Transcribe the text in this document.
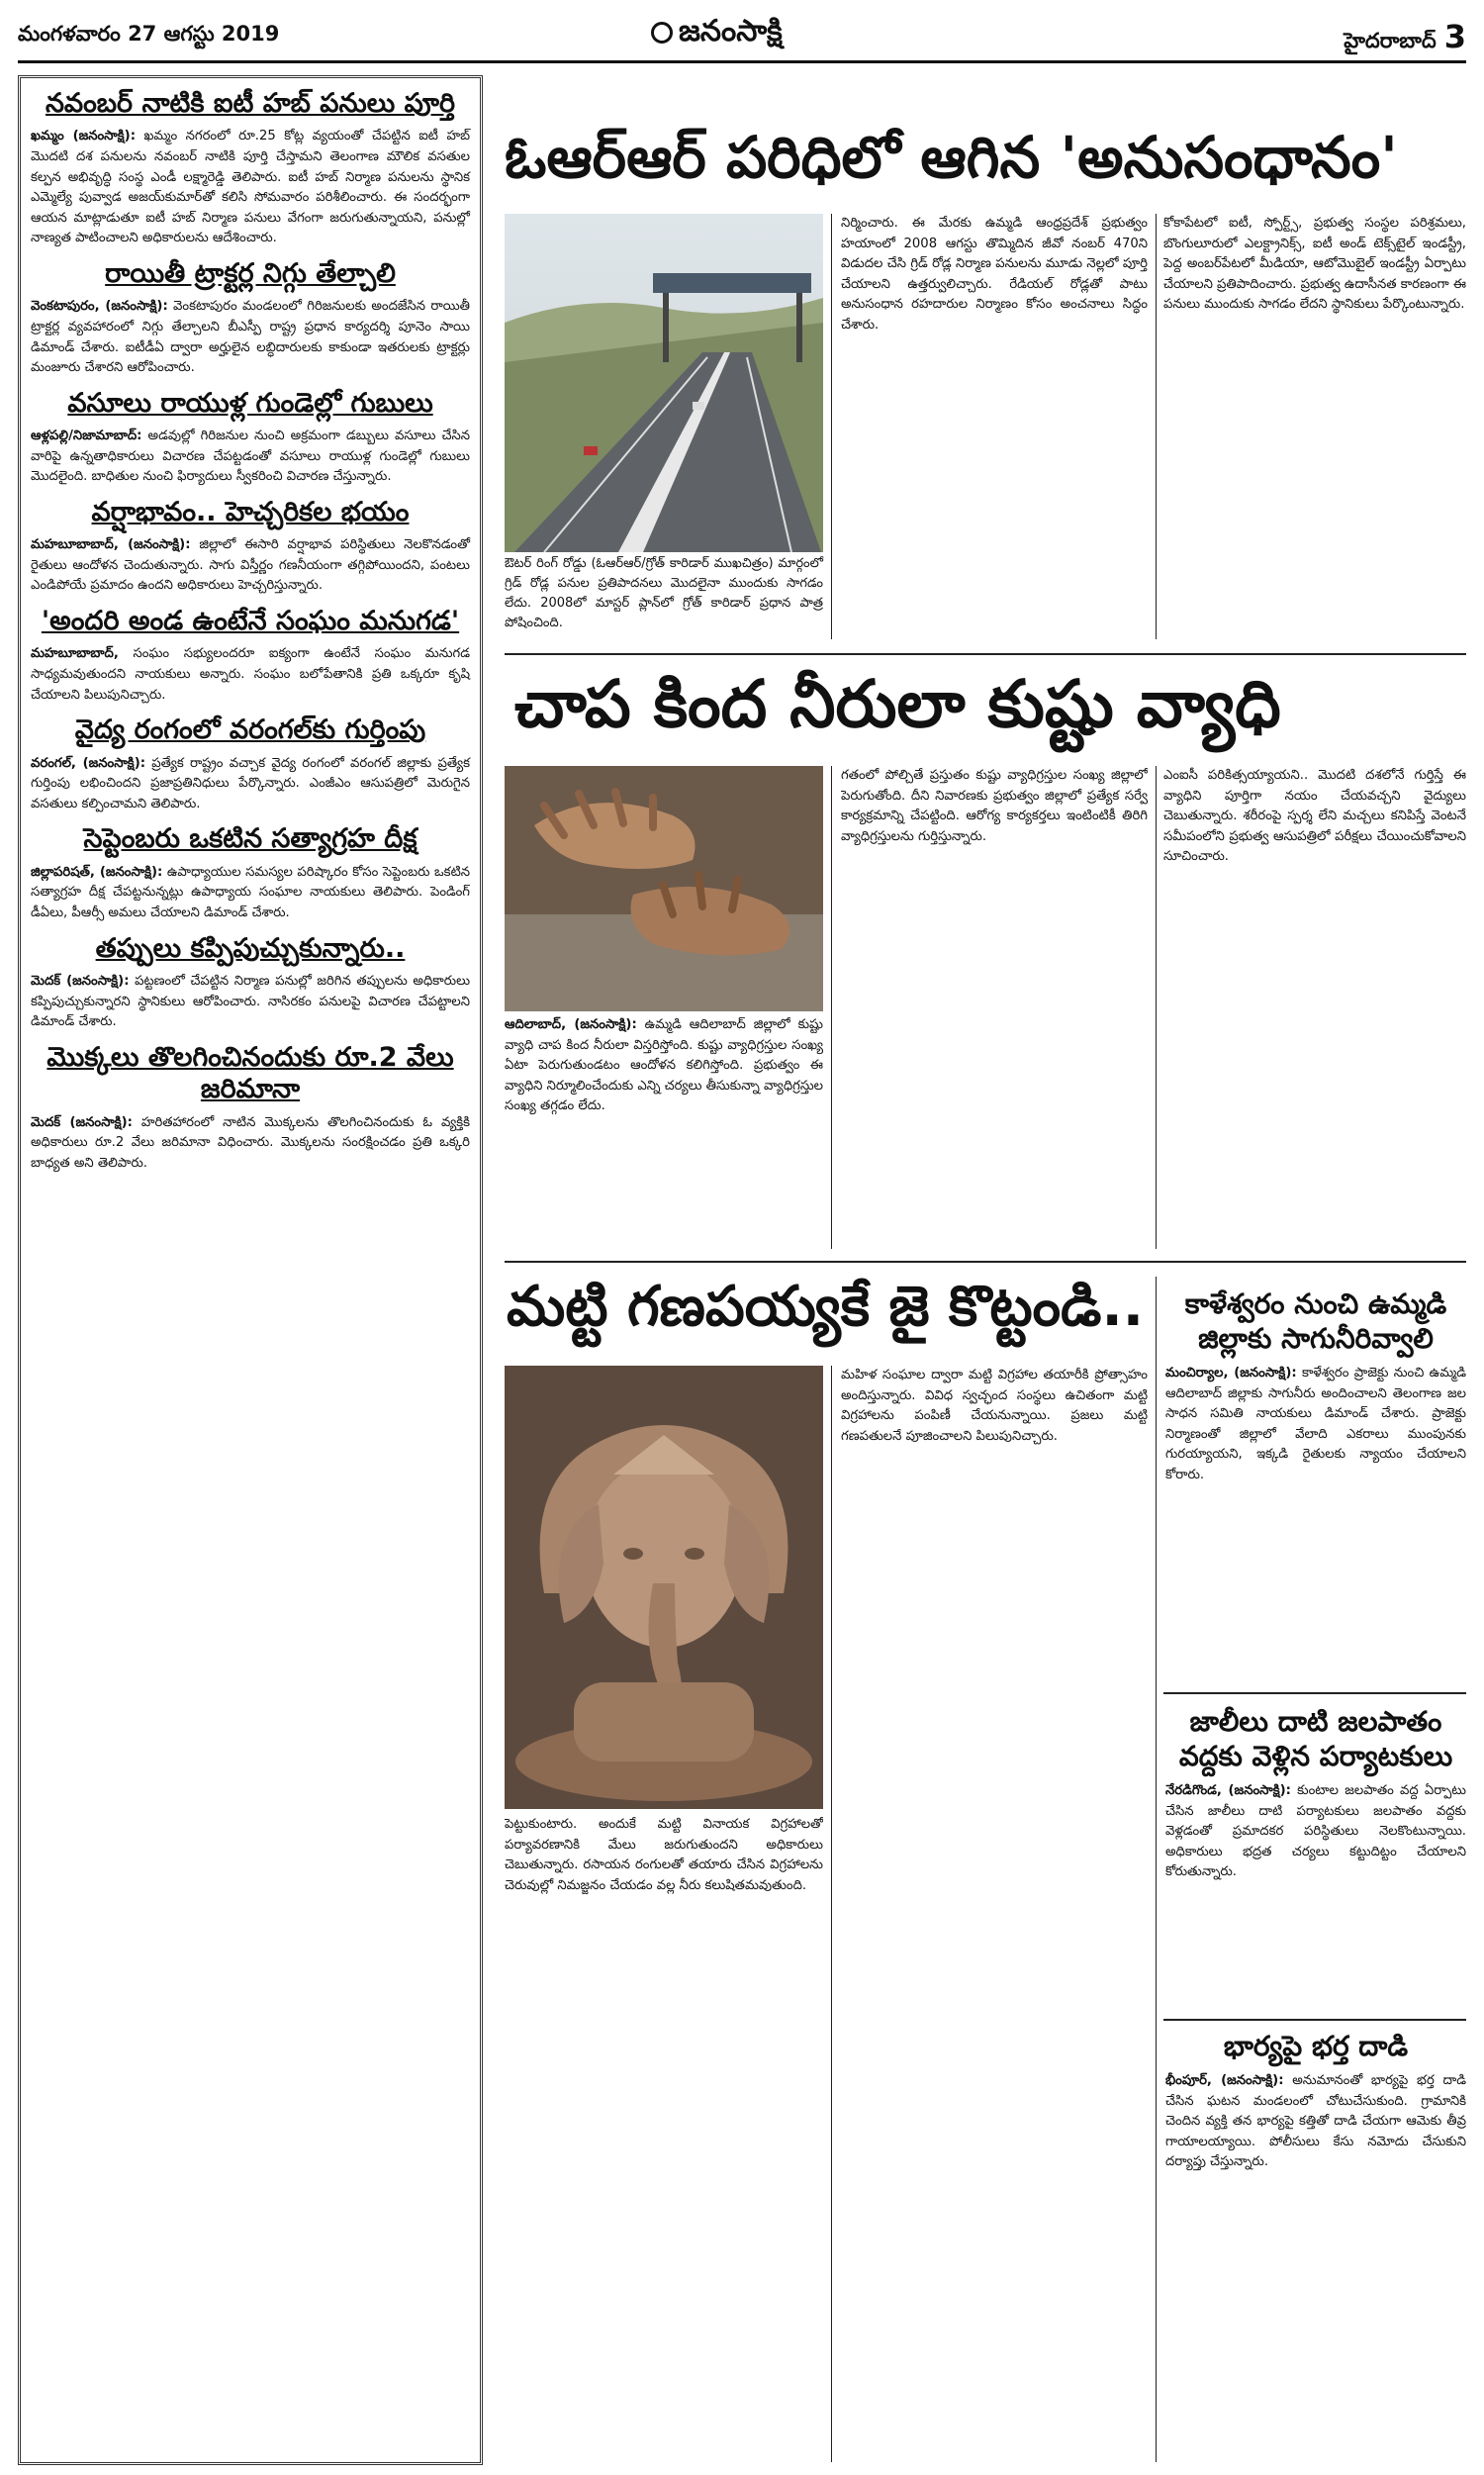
మంగళవారం 27 ఆగస్టు 2019	జనంసాక్షి	హైదరాబాద్ 3
నవంబర్ నాటికి ఐటీ హబ్ పనులు పూర్తి
ఖమ్మం (జనంసాక్షి): ఖమ్మం నగరంలో రూ.25 కోట్ల వ్యయంతో చేపట్టిన ఐటీ హబ్ మొదటి దశ పనులను నవంబర్ నాటికి పూర్తి చేస్తామని తెలంగాణ మౌలిక వసతుల కల్పన అభివృద్ధి సంస్థ ఎండీ లక్ష్మారెడ్డి తెలిపారు. ఐటీ హబ్ నిర్మాణ పనులను స్థానిక ఎమ్మెల్యే పువ్వాడ అజయ్‌కుమార్‌తో కలిసి సోమవారం పరిశీలించారు. ఈ సందర్భంగా ఆయన మాట్లాడుతూ ఐటీ హబ్ నిర్మాణ పనులు వేగంగా జరుగుతున్నాయని, పనుల్లో నాణ్యత పాటించాలని అధికారులను ఆదేశించారు.
రాయితీ ట్రాక్టర్ల నిగ్గు తేల్చాలి
వెంకటాపురం, (జనంసాక్షి): వెంకటాపురం మండలంలో గిరిజనులకు అందజేసిన రాయితీ ట్రాక్టర్ల వ్యవహారంలో నిగ్గు తేల్చాలని బీఎస్పీ రాష్ట్ర ప్రధాన కార్యదర్శి పూనెం సాయి డిమాండ్ చేశారు. ఐటీడీఏ ద్వారా అర్హులైన లబ్ధిదారులకు కాకుండా ఇతరులకు ట్రాక్టర్లు మంజూరు చేశారని ఆరోపించారు.
వసూలు రాయుళ్ల గుండెల్లో గుబులు
ఆళ్లపల్లి/నిజామాబాద్: అడవుల్లో గిరిజనుల నుంచి అక్రమంగా డబ్బులు వసూలు చేసిన వారిపై ఉన్నతాధికారులు విచారణ చేపట్టడంతో వసూలు రాయుళ్ల గుండెల్లో గుబులు మొదలైంది. బాధితుల నుంచి ఫిర్యాదులు స్వీకరించి విచారణ చేస్తున్నారు.
వర్షాభావం.. హెచ్చరికల భయం
మహబూబాబాద్, (జనంసాక్షి): జిల్లాలో ఈసారి వర్షాభావ పరిస్థితులు నెలకొనడంతో రైతులు ఆందోళన చెందుతున్నారు. సాగు విస్తీర్ణం గణనీయంగా తగ్గిపోయిందని, పంటలు ఎండిపోయే ప్రమాదం ఉందని అధికారులు హెచ్చరిస్తున్నారు.
'అందరి అండ ఉంటేనే సంఘం మనుగడ'
మహబూబాబాద్, సంఘం సభ్యులందరూ ఐక్యంగా ఉంటేనే సంఘం మనుగడ సాధ్యమవుతుందని నాయకులు అన్నారు. సంఘం బలోపేతానికి ప్రతి ఒక్కరూ కృషి చేయాలని పిలుపునిచ్చారు.
వైద్య రంగంలో వరంగల్‌కు గుర్తింపు
వరంగల్, (జనంసాక్షి): ప్రత్యేక రాష్ట్రం వచ్చాక వైద్య రంగంలో వరంగల్ జిల్లాకు ప్రత్యేక గుర్తింపు లభించిందని ప్రజాప్రతినిధులు పేర్కొన్నారు. ఎంజీఎం ఆసుపత్రిలో మెరుగైన వసతులు కల్పించామని తెలిపారు.
సెప్టెంబరు ఒకటిన సత్యాగ్రహ దీక్ష
జిల్లాపరిషత్, (జనంసాక్షి): ఉపాధ్యాయుల సమస్యల పరిష్కారం కోసం సెప్టెంబరు ఒకటిన సత్యాగ్రహ దీక్ష చేపట్టనున్నట్లు ఉపాధ్యాయ సంఘాల నాయకులు తెలిపారు. పెండింగ్ డీఏలు, పీఆర్సీ అమలు చేయాలని డిమాండ్ చేశారు.
తప్పులు కప్పిపుచ్చుకున్నారు..
మెదక్ (జనంసాక్షి): పట్టణంలో చేపట్టిన నిర్మాణ పనుల్లో జరిగిన తప్పులను అధికారులు కప్పిపుచ్చుకున్నారని స్థానికులు ఆరోపించారు. నాసిరకం పనులపై విచారణ చేపట్టాలని డిమాండ్ చేశారు.
మొక్కలు తొలగించినందుకు రూ.2 వేలు జరిమానా
మెదక్ (జనంసాక్షి): హరితహారంలో నాటిన మొక్కలను తొలగించినందుకు ఓ వ్యక్తికి అధికారులు రూ.2 వేలు జరిమానా విధించారు. మొక్కలను సంరక్షించడం ప్రతి ఒక్కరి బాధ్యత అని తెలిపారు.
ఓఆర్ఆర్ పరిధిలో ఆగిన 'అనుసంధానం'
ఔటర్ రింగ్ రోడ్డు (ఓఆర్ఆర్/గ్రోత్ కారిడార్ ముఖచిత్రం) మార్గంలో గ్రిడ్ రోడ్ల పనుల ప్రతిపాదనలు మొదలైనా ముందుకు సాగడం లేదు. 2008లో మాస్టర్ ప్లాన్‌లో గ్రోత్ కారిడార్ ప్రధాన పాత్ర పోషించింది.
నిర్మించారు. ఈ మేరకు ఉమ్మడి ఆంధ్రప్రదేశ్ ప్రభుత్వం హయాంలో 2008 ఆగస్టు తొమ్మిదిన జీవో నంబర్ 470ని విడుదల చేసి గ్రిడ్ రోడ్ల నిర్మాణ పనులను మూడు నెల్లలో పూర్తి చేయాలని ఉత్తర్వులిచ్చారు. రేడియల్ రోడ్లతో పాటు అనుసంధాన రహదారుల నిర్మాణం కోసం అంచనాలు సిద్ధం చేశారు.
కోకాపేటలో ఐటీ, స్పోర్ట్స్, ప్రభుత్వ సంస్థల పరిశ్రమలు, బొంగులూరులో ఎలక్ట్రానిక్స్, ఐటీ అండ్ టెక్స్‌టైల్ ఇండస్ట్రీ, పెద్ద అంబర్‌పేటలో మీడియా, ఆటోమొబైల్ ఇండస్ట్రీ ఏర్పాటు చేయాలని ప్రతిపాదించారు. ప్రభుత్వ ఉదాసీనత కారణంగా ఈ పనులు ముందుకు సాగడం లేదని స్థానికులు పేర్కొంటున్నారు.
చాప కింద నీరులా కుష్టు వ్యాధి
ఆదిలాబాద్, (జనంసాక్షి): ఉమ్మడి ఆదిలాబాద్ జిల్లాలో కుష్టు వ్యాధి చాప కింద నీరులా విస్తరిస్తోంది. కుష్టు వ్యాధిగ్రస్తుల సంఖ్య ఏటా పెరుగుతుండటం ఆందోళన కలిగిస్తోంది. ప్రభుత్వం ఈ వ్యాధిని నిర్మూలించేందుకు ఎన్ని చర్యలు తీసుకున్నా వ్యాధిగ్రస్తుల సంఖ్య తగ్గడం లేదు.
గతంలో పోల్చితే ప్రస్తుతం కుష్టు వ్యాధిగ్రస్తుల సంఖ్య జిల్లాలో పెరుగుతోంది. దీని నివారణకు ప్రభుత్వం జిల్లాలో ప్రత్యేక సర్వే కార్యక్రమాన్ని చేపట్టింది. ఆరోగ్య కార్యకర్తలు ఇంటింటికీ తిరిగి వ్యాధిగ్రస్తులను గుర్తిస్తున్నారు.
ఎంఐసీ పరికిత్సయ్యాయని.. మొదటి దశలోనే గుర్తిస్తే ఈ వ్యాధిని పూర్తిగా నయం చేయవచ్చని వైద్యులు చెబుతున్నారు. శరీరంపై స్పర్శ లేని మచ్చలు కనిపిస్తే వెంటనే సమీపంలోని ప్రభుత్వ ఆసుపత్రిలో పరీక్షలు చేయించుకోవాలని సూచించారు.
మట్టి గణపయ్యకే జై కొట్టండి..
పెట్టుకుంటారు. అందుకే మట్టి వినాయక విగ్రహాలతో పర్యావరణానికి మేలు జరుగుతుందని అధికారులు చెబుతున్నారు. రసాయన రంగులతో తయారు చేసిన విగ్రహాలను చెరువుల్లో నిమజ్జనం చేయడం వల్ల నీరు కలుషితమవుతుంది.
మహిళ సంఘాల ద్వారా మట్టి విగ్రహాల తయారీకి ప్రోత్సాహం అందిస్తున్నారు. వివిధ స్వచ్ఛంద సంస్థలు ఉచితంగా మట్టి విగ్రహాలను పంపిణీ చేయనున్నాయి. ప్రజలు మట్టి గణపతులనే పూజించాలని పిలుపునిచ్చారు.
కాళేశ్వరం నుంచి ఉమ్మడి జిల్లాకు సాగునీరివ్వాలి
మంచిర్యాల, (జనంసాక్షి): కాళేశ్వరం ప్రాజెక్టు నుంచి ఉమ్మడి ఆదిలాబాద్ జిల్లాకు సాగునీరు అందించాలని తెలంగాణ జల సాధన సమితి నాయకులు డిమాండ్ చేశారు. ప్రాజెక్టు నిర్మాణంతో జిల్లాలో వేలాది ఎకరాలు ముంపునకు గురయ్యాయని, ఇక్కడి రైతులకు న్యాయం చేయాలని కోరారు.
జాలీలు దాటి జలపాతం వద్దకు వెళ్లిన పర్యాటకులు
నేరడిగొండ, (జనంసాక్షి): కుంటాల జలపాతం వద్ద ఏర్పాటు చేసిన జాలీలు దాటి పర్యాటకులు జలపాతం వద్దకు వెళ్లడంతో ప్రమాదకర పరిస్థితులు నెలకొంటున్నాయి. అధికారులు భద్రత చర్యలు కట్టుదిట్టం చేయాలని కోరుతున్నారు.
భార్యపై భర్త దాడి
భీంపూర్, (జనంసాక్షి): అనుమానంతో భార్యపై భర్త దాడి చేసిన ఘటన మండలంలో చోటుచేసుకుంది. గ్రామానికి చెందిన వ్యక్తి తన భార్యపై కత్తితో దాడి చేయగా ఆమెకు తీవ్ర గాయాలయ్యాయి. పోలీసులు కేసు నమోదు చేసుకుని దర్యాప్తు చేస్తున్నారు.
